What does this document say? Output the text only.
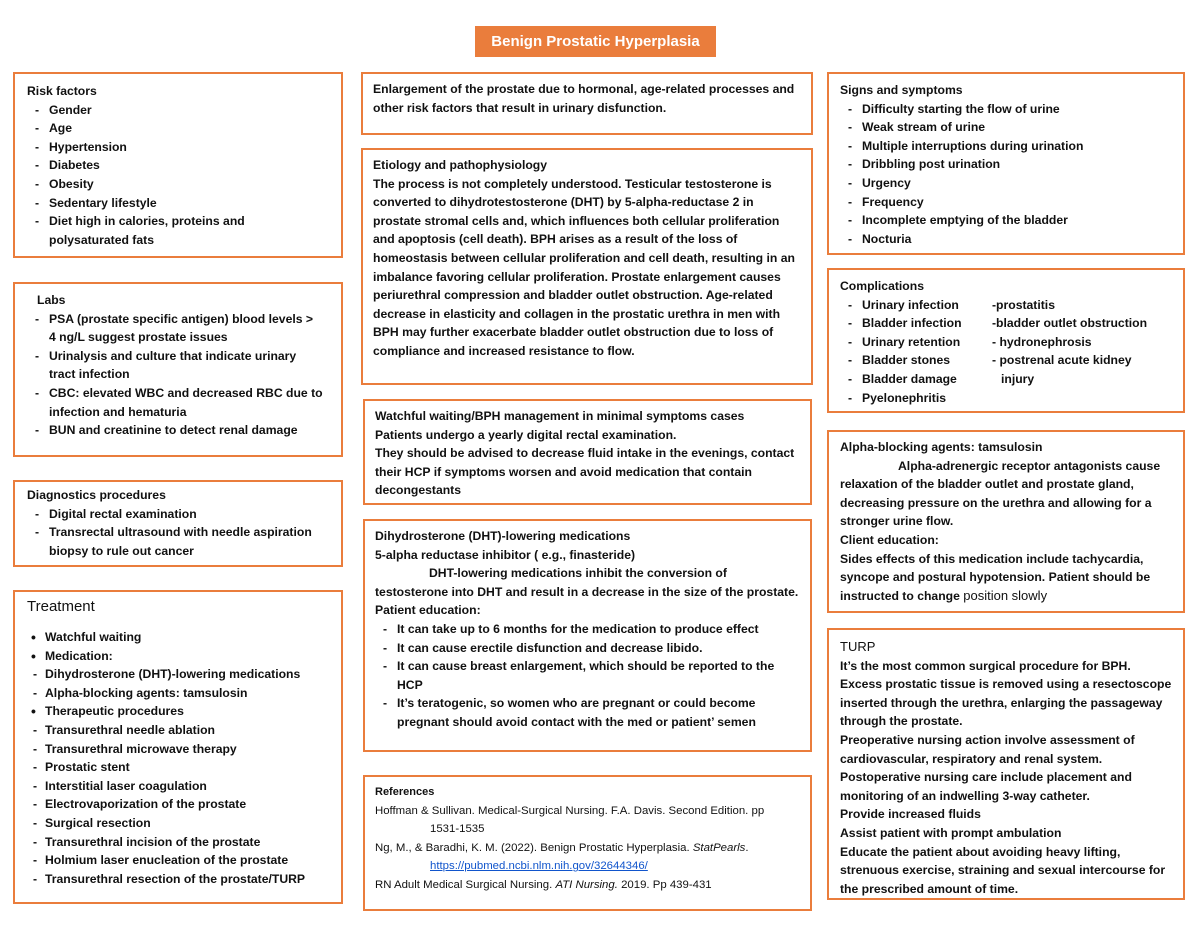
Benign Prostatic Hyperplasia
Risk factors
- Gender
- Age
- Hypertension
- Diabetes
- Obesity
- Sedentary lifestyle
- Diet high in calories, proteins and polysaturated fats
Labs
- PSA (prostate specific antigen) blood levels > 4 ng/L suggest prostate issues
- Urinalysis and culture that indicate urinary tract infection
- CBC: elevated WBC and decreased RBC due to infection and hematuria
- BUN and creatinine to detect renal damage
Diagnostics procedures
- Digital rectal examination
- Transrectal ultrasound with needle aspiration biopsy to rule out cancer
Treatment
• Watchful waiting
• Medication:
- Dihydrosterone (DHT)-lowering medications
- Alpha-blocking agents: tamsulosin
• Therapeutic procedures
- Transurethral needle ablation
- Transurethral microwave therapy
- Prostatic stent
- Interstitial laser coagulation
- Electrovaporization of the prostate
- Surgical resection
- Transurethral incision of the prostate
- Holmium laser enucleation of the prostate
- Transurethral resection of the prostate/TURP
Enlargement of the prostate due to hormonal, age-related processes and other risk factors that result in urinary disfunction.
Etiology and pathophysiology
The process is not completely understood. Testicular testosterone is converted to dihydrotestosterone (DHT) by 5-alpha-reductase 2 in prostate stromal cells and, which influences both cellular proliferation and apoptosis (cell death). BPH arises as a result of the loss of homeostasis between cellular proliferation and cell death, resulting in an imbalance favoring cellular proliferation. Prostate enlargement causes periurethral compression and bladder outlet obstruction. Age-related decrease in elasticity and collagen in the prostatic urethra in men with BPH may further exacerbate bladder outlet obstruction due to loss of compliance and increased resistance to flow.
Watchful waiting/BPH management in minimal symptoms cases
Patients undergo a yearly digital rectal examination.
They should be advised to decrease fluid intake in the evenings, contact their HCP if symptoms worsen and avoid medication that contain decongestants
Dihydrosterone (DHT)-lowering medications
5-alpha reductase inhibitor ( e.g., finasteride)
DHT-lowering medications inhibit the conversion of testosterone into DHT and result in a decrease in the size of the prostate.
Patient education:
- It can take up to 6 months for the medication to produce effect
- It can cause erectile disfunction and decrease libido.
- It can cause breast enlargement, which should be reported to the HCP
- It’s teratogenic, so women who are pregnant or could become pregnant should avoid contact with the med or patient’ semen
References
Hoffman & Sullivan. Medical-Surgical Nursing. F.A. Davis. Second Edition. pp
1531-1535
Ng, M., & Baradhi, K. M. (2022). Benign Prostatic Hyperplasia. StatPearls.
https://pubmed.ncbi.nlm.nih.gov/32644346/
RN Adult Medical Surgical Nursing. ATI Nursing. 2019. Pp 439-431
Signs and symptoms
- Difficulty starting the flow of urine
- Weak stream of urine
- Multiple interruptions during urination
- Dribbling post urination
- Urgency
- Frequency
- Incomplete emptying of the bladder
- Nocturia
Complications
- Urinary infection	-prostatitis
- Bladder infection	-bladder outlet obstruction
- Urinary retention	- hydronephrosis
- Bladder stones	- postrenal acute kidney
- Bladder damage	injury
- Pyelonephritis
Alpha-blocking agents: tamsulosin
Alpha-adrenergic receptor antagonists cause relaxation of the bladder outlet and prostate gland, decreasing pressure on the urethra and allowing for a stronger urine flow.
Client education:
Sides effects of this medication include tachycardia, syncope and postural hypotension. Patient should be instructed to change position slowly
TURP
It’s the most common surgical procedure for BPH.
Excess prostatic tissue is removed using a resectoscope inserted through the urethra, enlarging the passageway through the prostate.
Preoperative nursing action involve assessment of cardiovascular, respiratory and renal system.
Postoperative nursing care include placement and monitoring of an indwelling 3-way catheter.
Provide increased fluids
Assist patient with prompt ambulation
Educate the patient about avoiding heavy lifting, strenuous exercise, straining and sexual intercourse for the prescribed amount of time.
